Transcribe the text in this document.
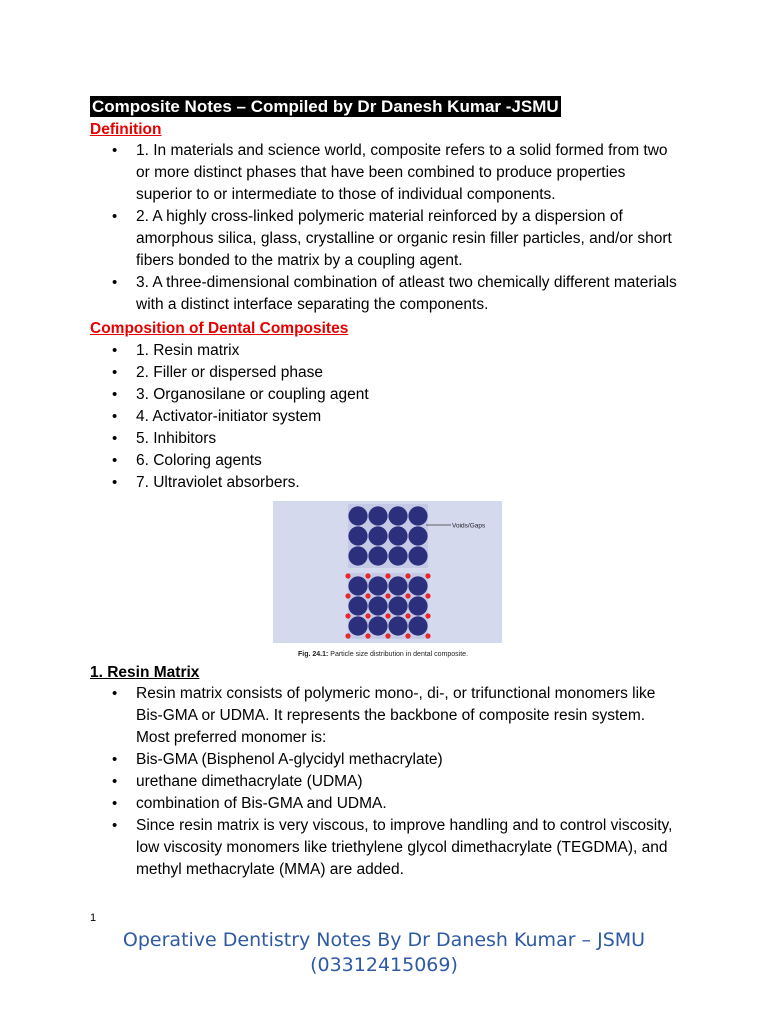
Composite Notes – Compiled by Dr Danesh Kumar -JSMU
Definition
• 1. In materials and science world, composite refers to a solid formed from two or more distinct phases that have been combined to produce properties superior to or intermediate to those of individual components.
• 2. A highly cross-linked polymeric material reinforced by a dispersion of amorphous silica, glass, crystalline or organic resin filler particles, and/or short fibers bonded to the matrix by a coupling agent.
• 3. A three-dimensional combination of atleast two chemically different materials with a distinct interface separating the components.
Composition of Dental Composites
• 1. Resin matrix
• 2. Filler or dispersed phase
• 3. Organosilane or coupling agent
• 4. Activator-initiator system
• 5. Inhibitors
• 6. Coloring agents
• 7. Ultraviolet absorbers.
Voids/Gaps
Fig. 24.1: Particle size distribution in dental composite.
1. Resin Matrix
• Resin matrix consists of polymeric mono-, di-, or trifunctional monomers like Bis-GMA or UDMA. It represents the backbone of composite resin system. Most preferred monomer is:
• Bis-GMA (Bisphenol A-glycidyl methacrylate)
• urethane dimethacrylate (UDMA)
• combination of Bis-GMA and UDMA.
• Since resin matrix is very viscous, to improve handling and to control viscosity, low viscosity monomers like triethylene glycol dimethacrylate (TEGDMA), and methyl methacrylate (MMA) are added.
1
Operative Dentistry Notes By Dr Danesh Kumar – JSMU
(03312415069)
